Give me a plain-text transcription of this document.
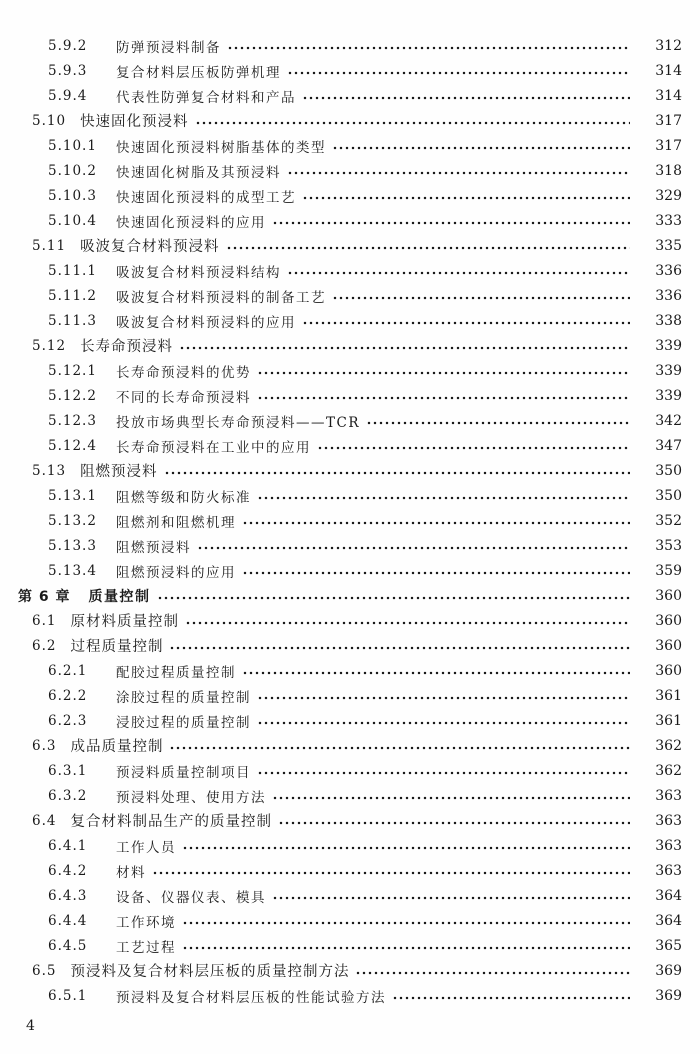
5.9.2	防弹预浸料制备	312
5.9.3	复合材料层压板防弹机理	314
5.9.4	代表性防弹复合材料和产品	314
5.10 快速固化预浸料	317
5.10.1	快速固化预浸料树脂基体的类型	317
5.10.2	快速固化树脂及其预浸料	318
5.10.3	快速固化预浸料的成型工艺	329
5.10.4	快速固化预浸料的应用	333
5.11 吸波复合材料预浸料	335
5.11.1	吸波复合材料预浸料结构	336
5.11.2	吸波复合材料预浸料的制备工艺	336
5.11.3	吸波复合材料预浸料的应用	338
5.12 长寿命预浸料	339
5.12.1	长寿命预浸料的优势	339
5.12.2	不同的长寿命预浸料	339
5.12.3	投放市场典型长寿命预浸料——TCR	342
5.12.4	长寿命预浸料在工业中的应用	347
5.13 阻燃预浸料	350
5.13.1	阻燃等级和防火标准	350
5.13.2	阻燃剂和阻燃机理	352
5.13.3	阻燃预浸料	353
5.13.4	阻燃预浸料的应用	359
第 6 章 质量控制	360
6.1 原材料质量控制	360
6.2 过程质量控制	360
6.2.1	配胶过程质量控制	360
6.2.2	涂胶过程的质量控制	361
6.2.3	浸胶过程的质量控制	361
6.3 成品质量控制	362
6.3.1	预浸料质量控制项目	362
6.3.2	预浸料处理、使用方法	363
6.4 复合材料制品生产的质量控制	363
6.4.1	工作人员	363
6.4.2	材料	363
6.4.3	设备、仪器仪表、模具	364
6.4.4	工作环境	364
6.4.5	工艺过程	365
6.5 预浸料及复合材料层压板的质量控制方法	369
6.5.1	预浸料及复合材料层压板的性能试验方法	369
4
